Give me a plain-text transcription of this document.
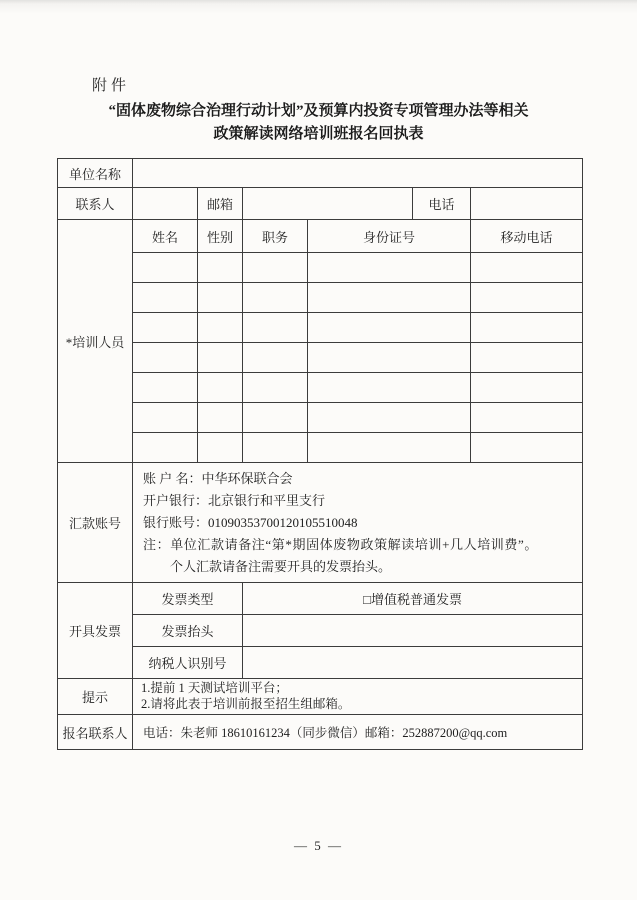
附件
“固体废物综合治理行动计划”及预算内投资专项管理办法等相关
政策解读网络培训班报名回执表
单位名称						
联系人		邮箱			电话	
*培训人员	姓名	性别	职务	身份证号		移动电话

汇款账号	账 户 名：中华环保联合会
开户银行：北京银行和平里支行
银行账号：01090353700120105510048
注：单位汇款请备注“第*期固体废物政策解读培训+几人培训费”。
个人汇款请备注需要开具的发票抬头。					

开具发票	发票类型		□增值税普通发票			
	发票抬头					
	纳税人识别号					
提示	1.提前 1 天测试培训平台；
2.请将此表于培训前报至招生组邮箱。					

报名联系人	电话：朱老师 18610161234（同步微信）邮箱：252887200@qq.com					
— 5 —
